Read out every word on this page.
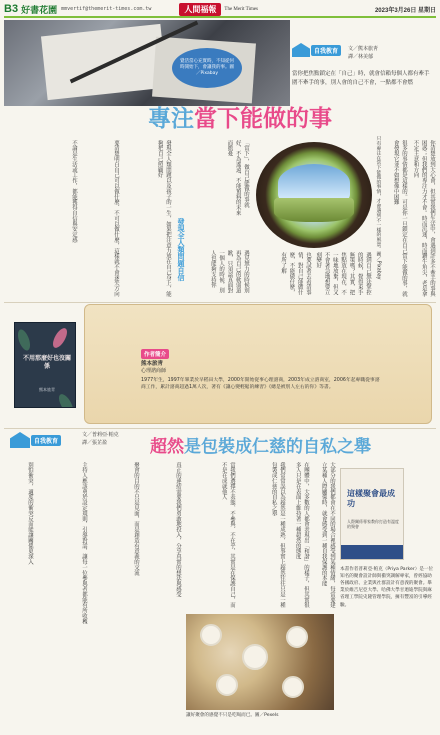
B3 好書花園 mmvertif@themerit-times.com.tw	人間福報	The Merit Times	2023年3月26日 星期日
覺活當心充實時，不知從何時開始下，會讓我的事。圖／Pixabay
自我教育	文／熊本旅靑
譯／林美郁
當你把焦點鎖定在「自己」時，就會信賴每個人都有牽手圍不牽手的事，別人會的自己不會，一點都不會燃
專注當下能做的事
不論是生活或工作，都能獲得自信與安定感	要清楚明白自己可以做什麼、不可以做什麼，這樣就不會迷失方向	發現全人類問題以及孩子的一生，如果把注意力放在自己身上，能夠把自己照顧好	「當下」，做自己能做的事就好，不為遙遠、不能預料的未來而擔憂
遇見無力的時候別再為自己的軟弱道歉，只須認真面對一個人的時候，別人也能夠支持你	也要試著去看清事情，對自己能做什麼，不能做什麼，有所了解	遇到自己無法掌控的時候，覺得束手無策嗎？其實，把焦點放在現在，不一味地放棄，但又不會著急地想要立刻變好	很多的事情都是這樣的。可是你一旦鎖定在自己當下能做的事，就會發現它並不如想像中困難	你清楚放到大心會，但其實我們生活中，會遇到許多不牽手的事與困惑；但我們的專注力才不會。時而沉迷，時而鑽牛角尖，老是拿不定主意和方向
發現全人類問題自信	只有專注在當下能做的事情，才會遇到不一樣的風景。圖／Pixabay
不用那麼好也沒關係
熊本旅靑
作者簡介
熊本旅靑
心理諮商師
1977年生，1997年畢業於早稻田大學，2000年開始從事心理諮商，2003年成立諮商室，2006年起專職從事諮商工作，累計諮商超過1萬人次，著有《讓心變輕鬆的練習》《總是被別人左右的你》等書。
自我教育
文／普莉亞·帕克
譯／張芷盈	超然是包裝成仁慈的自私之舉
別怕衝突，適度的衝突反而能讓關係更深入	主持人應該勇於設定規則，引導對話，讓每一位參與者都能有所收穫	聚會的目的不只是見面，而是創造有意義的交流	真正的連結需要我們勇敢地投入，分享真實的想法與感受	當我們選擇不表態、不參與、不在乎，其實是在保護自己，而不是在成就他人	我們常常誤以為超然是一種成熟，但事實上超然往往只是一種包裝成仁慈的自私之舉	在團體中，大多數的人都會表現出「和諧」的樣子，但其實很多人只是在表面上維持著一種超然的態度	大部分的我們都會在不同的場合裡感受到某種情緒，每當要建立某種人際關係時，就會感受到一種自我保護的本能	這樣聚會最成功
人際關係專家教你打造有溫度的聚會
本書作者普莉亞·帕克（Priya Parker）是一位知名的聚會設計師與衝突調解專家，曾經協助各國政府、企業與社群設計有意義的聚會。畢業於維吉尼亞大學、哈佛大學甘迺迪學院與麻省理工學院史隆管理學院，擁有豐富的引導經驗。
讓好聚會的感覺不只是吃喝而已。圖／Pexels
